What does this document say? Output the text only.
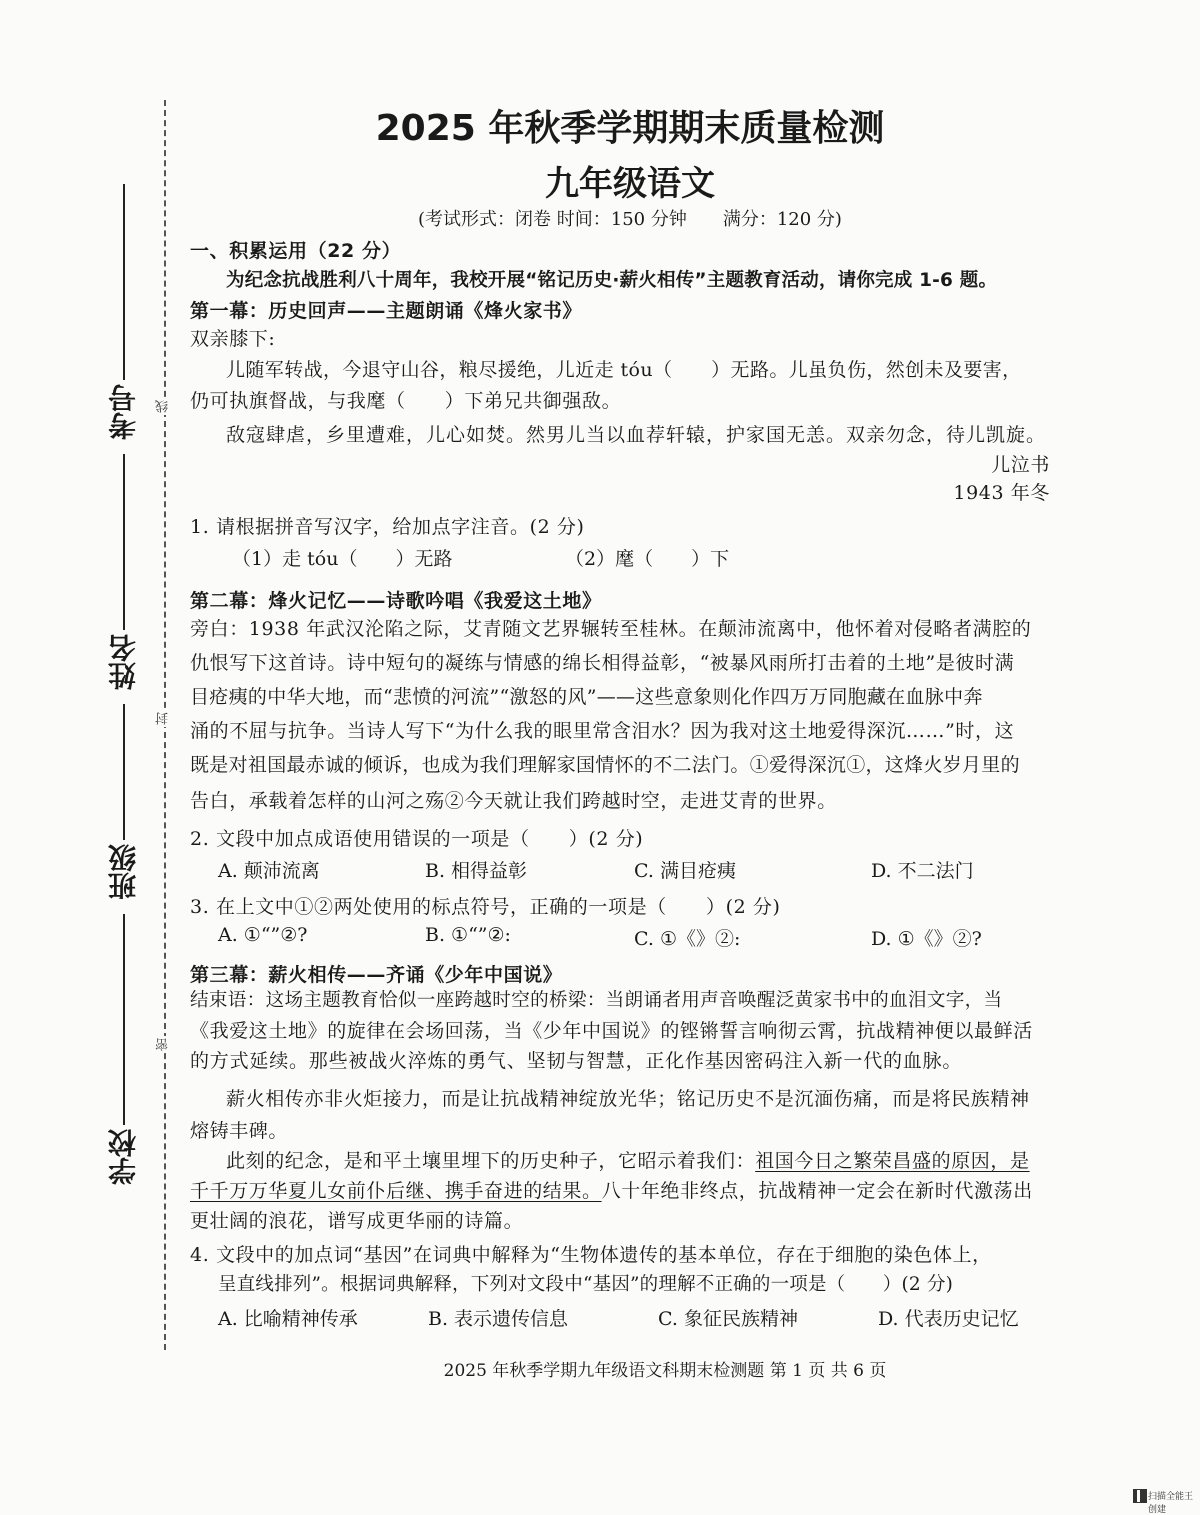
考号
姓名
班级
学校
线
封
密
2025 年秋季学期期末质量检测
九年级语文
(考试形式：闭卷 时间：150 分钟　　满分：120 分)
一、积累运用（22 分）
为纪念抗战胜利八十周年，我校开展“铭记历史·薪火相传”主题教育活动，请你完成 1-6 题。
第一幕：历史回声——主题朗诵《烽火家书》
双亲膝下:
儿随军转战，今退守山谷，粮尽援绝，儿近走 tóu（　　）无路。儿虽负伤，然创未及要害，
仍可执旗督战，与我麾（　　）下弟兄共御强敌。
敌寇肆虐，乡里遭难，儿心如焚。然男儿当以血荐轩辕，护家国无恙。双亲勿念，待儿凯旋。
儿泣书
1943 年冬
1. 请根据拼音写汉字，给加点字注音。(2 分)
（1）走 tóu（　　）无路	（2）麾（　　）下
第二幕：烽火记忆——诗歌吟唱《我爱这土地》
旁白：1938 年武汉沦陷之际，艾青随文艺界辗转至桂林。在颠沛流离中，他怀着对侵略者满腔的
仇恨写下这首诗。诗中短句的凝练与情感的绵长相得益彰，“被暴风雨所打击着的土地”是彼时满
目疮痍的中华大地，而“悲愤的河流”“激怒的风”——这些意象则化作四万万同胞藏在血脉中奔
涌的不屈与抗争。当诗人写下“为什么我的眼里常含泪水？因为我对这土地爱得深沉……”时，这
既是对祖国最赤诚的倾诉，也成为我们理解家国情怀的不二法门。①爱得深沉①，这烽火岁月里的
告白，承载着怎样的山河之殇②今天就让我们跨越时空，走进艾青的世界。
2. 文段中加点成语使用错误的一项是（　　）(2 分)
A. 颠沛流离	B. 相得益彰	C. 满目疮痍	D. 不二法门
3. 在上文中①②两处使用的标点符号，正确的一项是（　　）(2 分)
A. ①“”②?	B. ①“”②:	C. ①《》②:	D. ①《》②?
第三幕：薪火相传——齐诵《少年中国说》
结束语：这场主题教育恰似一座跨越时空的桥梁：当朗诵者用声音唤醒泛黄家书中的血泪文字，当
《我爱这土地》的旋律在会场回荡，当《少年中国说》的铿锵誓言响彻云霄，抗战精神便以最鲜活
的方式延续。那些被战火淬炼的勇气、坚韧与智慧，正化作基因密码注入新一代的血脉。
薪火相传亦非火炬接力，而是让抗战精神绽放光华；铭记历史不是沉湎伤痛，而是将民族精神
熔铸丰碑。
此刻的纪念，是和平土壤里埋下的历史种子，它昭示着我们：祖国今日之繁荣昌盛的原因，是
千千万万华夏儿女前仆后继、携手奋进的结果。八十年绝非终点，抗战精神一定会在新时代激荡出
更壮阔的浪花，谱写成更华丽的诗篇。
4. 文段中的加点词“基因”在词典中解释为“生物体遗传的基本单位，存在于细胞的染色体上，
呈直线排列”。根据词典解释，下列对文段中“基因”的理解不正确的一项是（　　）(2 分)
A. 比喻精神传承	B. 表示遗传信息	C. 象征民族精神	D. 代表历史记忆
2025 年秋季学期九年级语文科期末检测题 第 1 页 共 6 页
扫描全能王 创建
